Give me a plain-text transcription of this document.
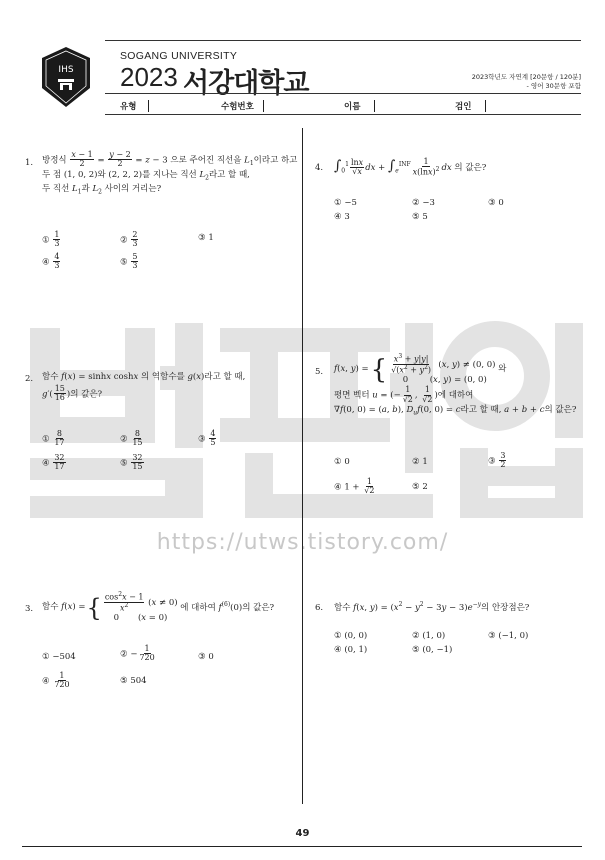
IHS
SOGANG UNIVERSITY
2023 서강대학교	2023학년도 자연계 [20문항 / 120분]
- 영어 30문항 포함
유형	수험번호	이름	검인
별편입
https://utws.tistory.com/
1. 방정식 $\frac{x - 1}{2} = \frac{y - 2}{2} = z - 3$ 으로 주어진 직선을 $L_1$이라고 하고
두 점 (1, 0, 2)와 (2, 2, 2)를 지나는 직선 $L_2$라고 할 때,
두 직선 $L_1$과 $L_2$ 사이의 거리는?
① $\frac{1}{3}$	② $\frac{2}{3}$	③ 1
④ $\frac{4}{3}$	⑤ $\frac{5}{3}$
4. $\int_0^1 \frac{\ln x}{√x}$ dx + $\int_e^{INF} \frac{1}{x(\ln x)^2}$ dx 의 값은?
① −5	② −3	③ 0
④ 3	⑤ 5
2. 함수 f(x) = sinhx coshx 의 역함수를 g(x)라고 할 때,
$g'( \frac{15}{16}$ )의 값은?
① $\frac{8}{17}$	② $\frac{8}{15}$	③ $\frac{4}{5}$
④ $\frac{32}{17}$	⑤ $\frac{32}{15}$
5. f(x, y) = { $\frac{x^3 + y|y|}{√(x^2 + y^2)} (x$, y) ≠ (0, 0)
0        (x, y) = (0, 0)
와
평면 벡터 u = (− $\frac{1}{√2}$ , $\frac{1}{√2}$ )에 대하여
∇f(0, 0) = (a, b), $D_uf(0$, 0) = c라고 할 때, a + b + c의 값은?
① 0	② 1	③ $\frac{3}{2}$
④ $1 + \frac{1}{√2}$	⑤ 2
3. 함수 f(x) = { $\frac{\cos^2x - 1}{x^2} (x \ne 0)$
0       (x = 0)
에 대하여 $f^{(6)}(0)$의 값은?
① −504	② − $\frac{1}{720}$	③ 0
④ $\frac{1}{720}$	⑤ 504
6. 함수 f(x, $y) = (x^2 - y^2 - 3y - 3)e^{-y}$의 안장점은?
① (0, 0)	② (1, 0)	③ (−1, 0)
④ (0, 1)	⑤ (0, −1)
49
